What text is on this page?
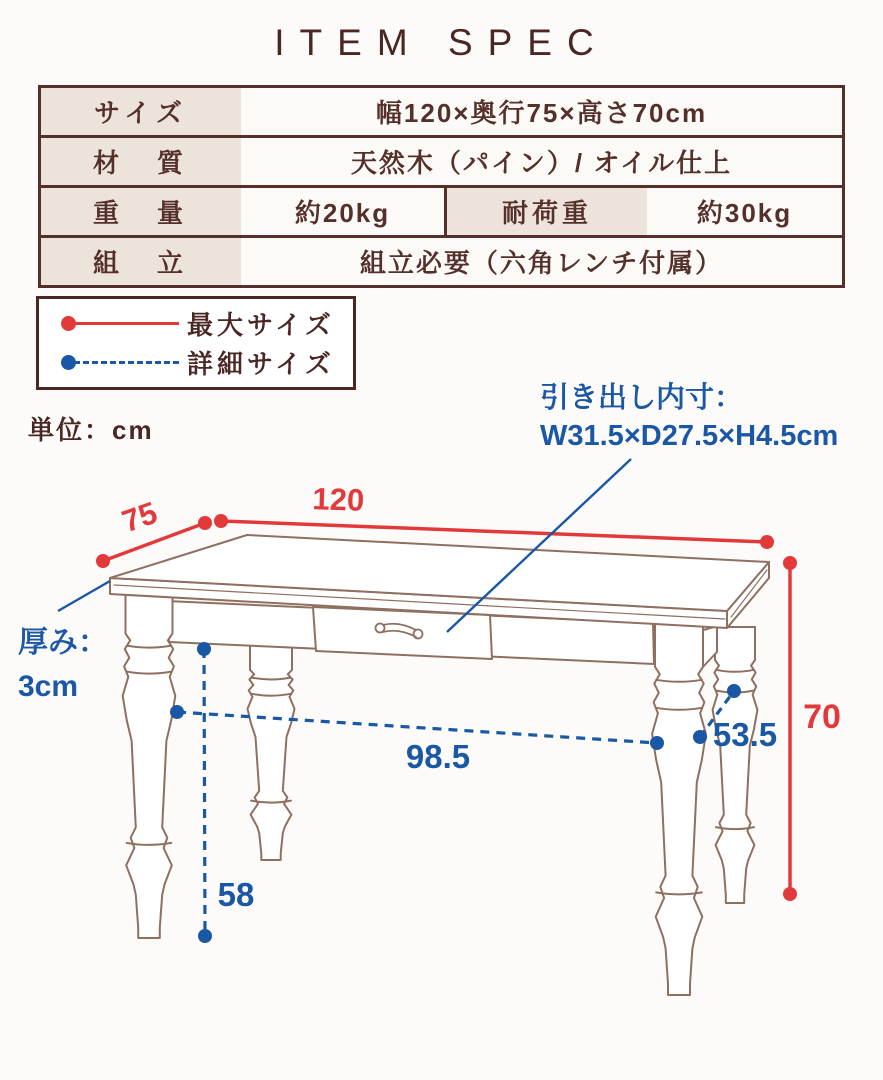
ITEM SPEC
サイズ	幅120×奥行75×高さ70cm
材　質	天然木（パイン）/ オイル仕上
重　量	約20kg	耐荷重	約30kg
組　立	組立必要（六角レンチ付属）
最大サイズ
詳細サイズ
単位：cm
75	120
70
58
98.5
53.5
厚み：
3cm
引き出し内寸：
W31.5×D27.5×H4.5cm
